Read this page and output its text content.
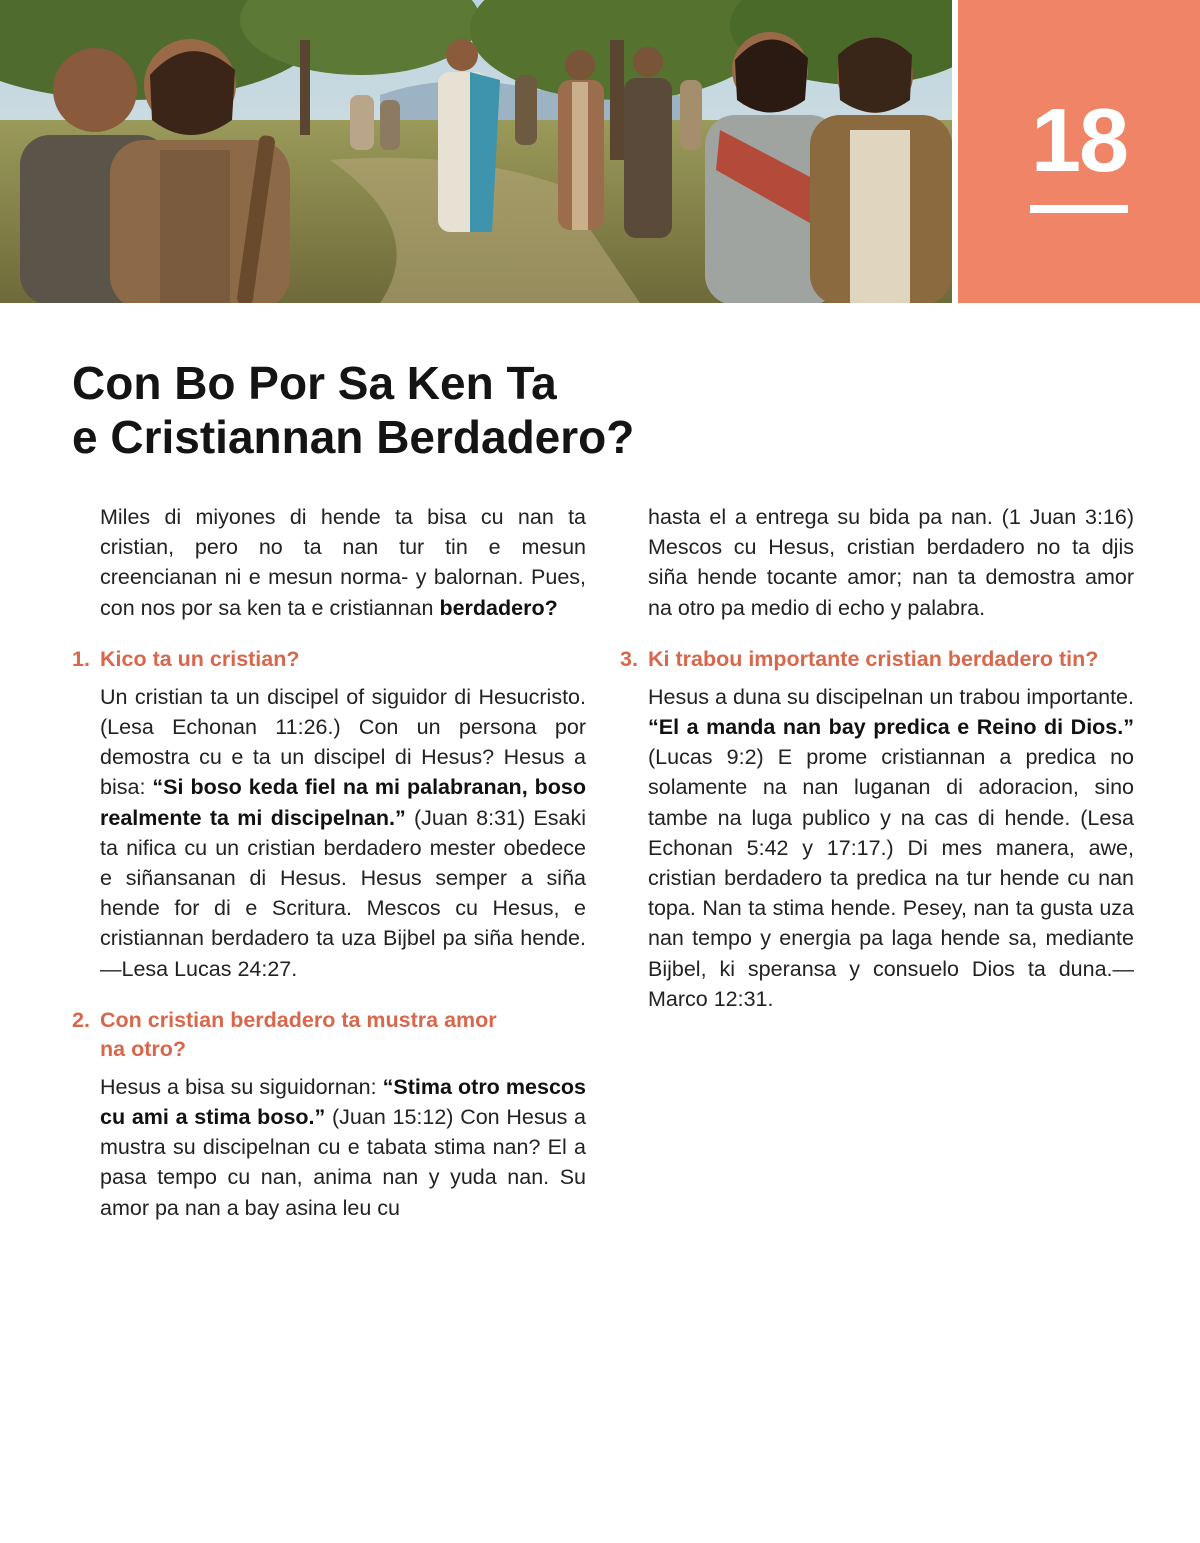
18
Con Bo Por Sa Ken Ta
e Cristiannan Berdadero?

Miles di miyones di hende ta bisa cu nan ta cristian, pero no ta nan tur tin e mesun creencianan ni e mesun norma- y balornan. Pues, con nos por sa ken ta e cristiannan berdadero?

1. Kico ta un cristian?

Un cristian ta un discipel of siguidor di Hesucristo. (Lesa Echonan 11:26.) Con un persona por demostra cu e ta un discipel di Hesus? Hesus a bisa: “Si boso keda fiel na mi palabranan, boso realmente ta mi discipelnan.” (Juan 8:31) Esaki ta nifica cu un cristian berdadero mester obedece e siñansanan di Hesus. Hesus semper a siña hende for di e Scritura. Mescos cu Hesus, e cristiannan berdadero ta uza Bijbel pa siña hende.—Lesa Lucas 24:27.

2. Con cristian berdadero ta mustra amor
na otro?

Hesus a bisa su siguidornan: “Stima otro mescos cu ami a stima boso.” (Juan 15:12) Con Hesus a mustra su discipelnan cu e tabata stima nan? El a pasa tempo cu nan, anima nan y yuda nan. Su amor pa nan a bay asina leu cu

hasta el a entrega su bida pa nan. (1 Juan 3:16) Mescos cu Hesus, cristian berdadero no ta djis siña hende tocante amor; nan ta demostra amor na otro pa medio di echo y palabra.

3. Ki trabou importante cristian berdadero tin?

Hesus a duna su discipelnan un trabou importante. “El a manda nan bay predica e Reino di Dios.” (Lucas 9:2) E prome cristiannan a predica no solamente na nan luganan di adoracion, sino tambe na luga publico y na cas di hende. (Lesa Echonan 5:42 y 17:17.) Di mes manera, awe, cristian berdadero ta predica na tur hende cu nan topa. Nan ta stima hende. Pesey, nan ta gusta uza nan tempo y energia pa laga hende sa, mediante Bijbel, ki speransa y consuelo Dios ta duna.—Marco 12:31.
